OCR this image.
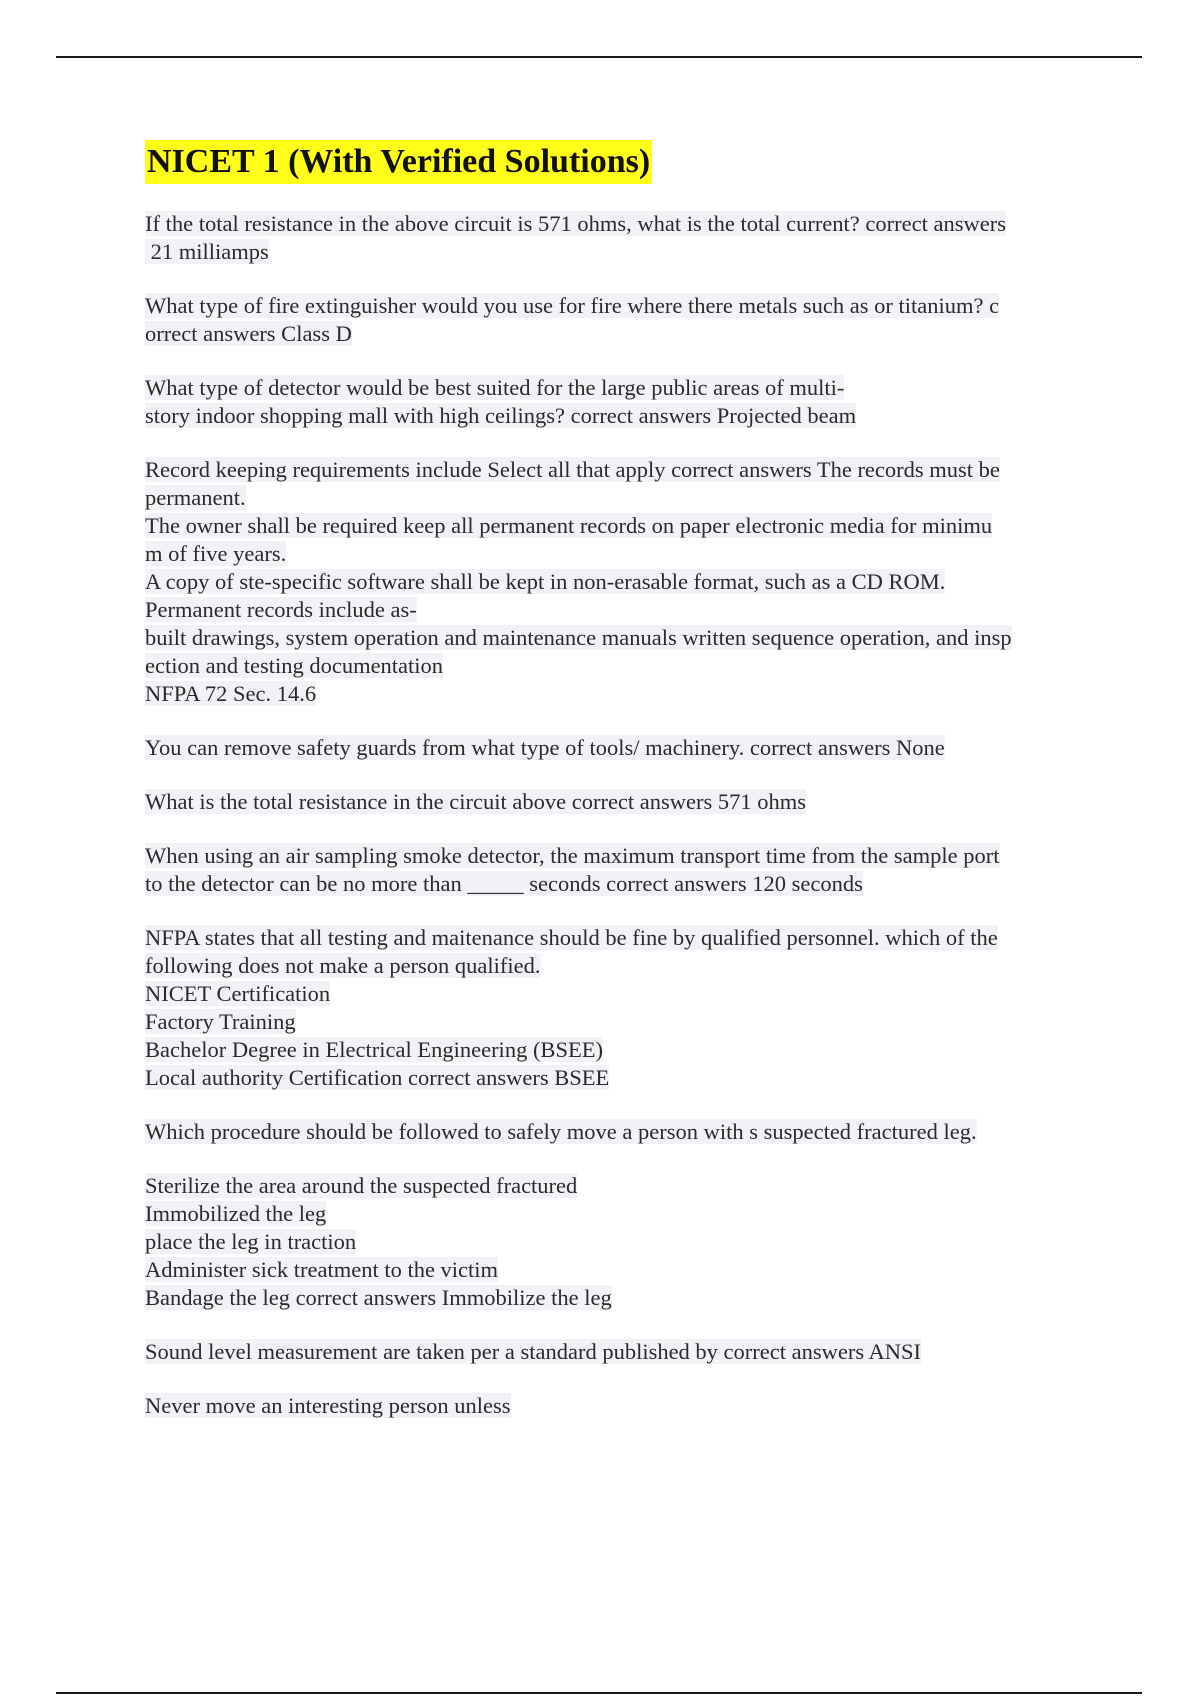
NICET 1 (With Verified Solutions)
If the total resistance in the above circuit is 571 ohms, what is the total current? correct answers
21 milliamps
What type of fire extinguisher would you use for fire where there metals such as or titanium? c
orrect answers Class D
What type of detector would be best suited for the large public areas of multi-
story indoor shopping mall with high ceilings? correct answers Projected beam
Record keeping requirements include Select all that apply correct answers The records must be
permanent.
The owner shall be required keep all permanent records on paper electronic media for minimu
m of five years.
A copy of ste-specific software shall be kept in non-erasable format, such as a CD ROM.
Permanent records include as-
built drawings, system operation and maintenance manuals written sequence operation, and insp
ection and testing documentation
NFPA 72 Sec. 14.6
You can remove safety guards from what type of tools/ machinery. correct answers None
What is the total resistance in the circuit above correct answers 571 ohms
When using an air sampling smoke detector, the maximum transport time from the sample port
to the detector can be no more than _____ seconds correct answers 120 seconds
NFPA states that all testing and maitenance should be fine by qualified personnel. which of the
following does not make a person qualified.
NICET Certification
Factory Training
Bachelor Degree in Electrical Engineering (BSEE)
Local authority Certification correct answers BSEE
Which procedure should be followed to safely move a person with s suspected fractured leg.
Sterilize the area around the suspected fractured
Immobilized the leg
place the leg in traction
Administer sick treatment to the victim
Bandage the leg correct answers Immobilize the leg
Sound level measurement are taken per a standard published by correct answers ANSI
Never move an interesting person unless
